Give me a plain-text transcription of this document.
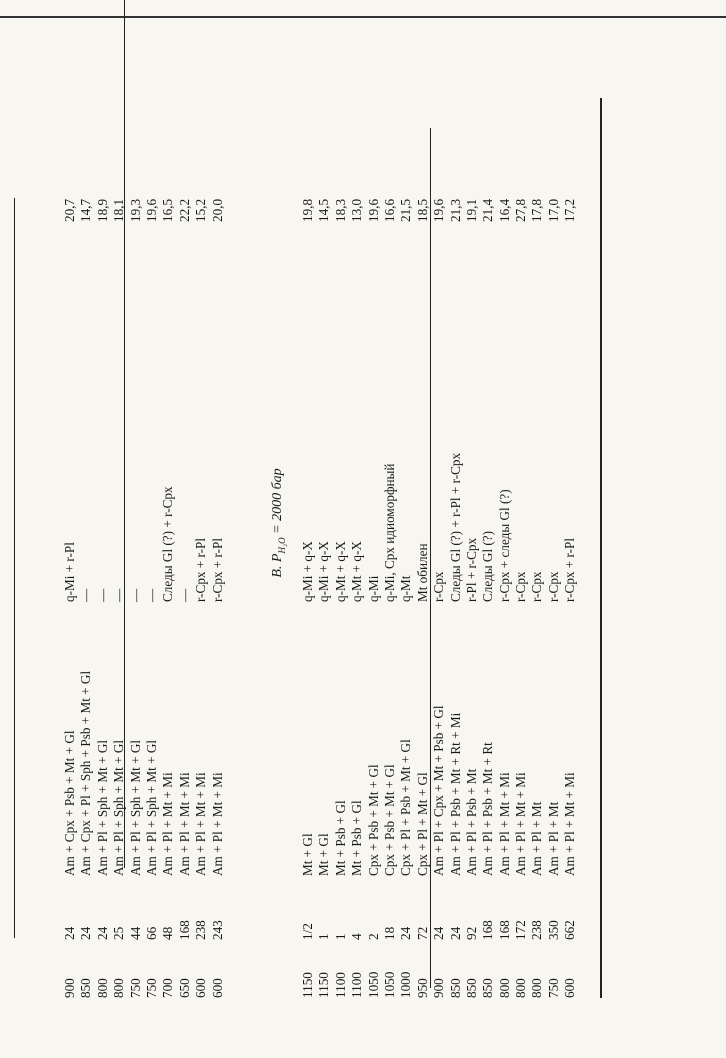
900
24
Am + Cpx + Psb + Mt + Gl
q-Mi + r-Pl
20,7
850
24
Am + Cpx + Pl + Sph + Psb + Mt + Gl
—
14,7
800
24
Am + Pl + Sph + Mt + Gl
—
18,9
800
25
Am + Pl + Sph + Mt + Gl
—
18,1
750
44
Am + Pl + Sph + Mt + Gl
—
19,3
750
66
Am + Pl + Sph + Mt + Gl
—
19,6
700
48
Am + Pl + Mt + Mi
Следы Gl (?) + r-Cpx
16,5
650
168
Am + Pl + Mt + Mi
—
22,2
600
238
Am + Pl + Mt + Mi
r-Cpx + r-Pl
15,2
600
243
Am + Pl + Mt + Mi
r-Cpx + r-Pl
20,0
B. $P_{H_2O} = 2000$ бар
1150
1/2
Mt + Gl
q-Mi + q-X
19,8
1150
1
Mt + Gl
q-Mi + q-X
14,5
1100
1
Mt + Psb + Gl
q-Mt + q-X
18,3
1100
4
Mt + Psb + Gl
q-Mt + q-X
13,0
1050
2
Cpx + Psb + Mt + Gl
q-Mi
19,6
1050
18
Cpx + Psb + Mt + Gl
q-Mi, Cpx идиоморфный
16,6
1000
24
Cpx + Pl + Psb + Mt + Gl
q-Mt
21,5
950
72
Cpx + Pl + Mt + Gl
Mt обилен
18,5
900
24
Am + Pl + Cpx + Mt + Psb + Gl
r-Cpx
19,6
850
24
Am + Pl + Psb + Mt + Rt + Mi
Следы Gl (?) + r-Pl + r-Cpx
21,3
850
92
Am + Pl + Psb + Mt
r-Pl + r-Cpx
19,1
850
168
Am + Pl + Psb + Mt + Rt
Следы Gl (?)
21,4
800
168
Am + Pl + Mt + Mi
r-Cpx + следы Gl (?)
16,4
800
172
Am + Pl + Mt + Mi
r-Cpx
27,8
800
238
Am + Pl + Mt
r-Cpx
17,8
750
350
Am + Pl + Mt
r-Cpx
17,0
600
662
Am + Pl + Mt + Mi
r-Cpx + r-Pl
17,2
